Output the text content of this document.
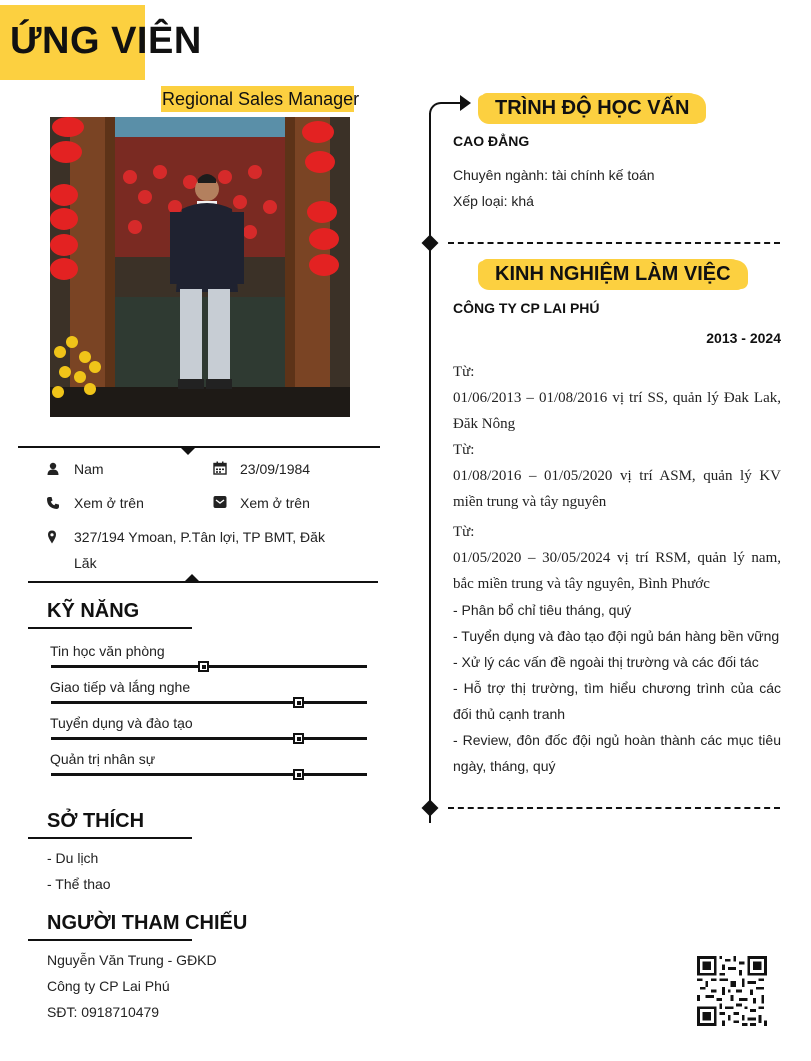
ỨNG VIÊN
Regional Sales Manager
Nam	23/09/1984
Xem ở trên	Xem ở trên
327/194 Ymoan, P.Tân lợi, TP BMT, Đăk
Lăk
KỸ NĂNG
Tin học văn phòng
Giao tiếp và lắng nghe
Tuyển dụng và đào tạo
Quản trị nhân sự
SỞ THÍCH
- Du lịch
- Thể thao
NGƯỜI THAM CHIẾU
Nguyễn Văn Trung - GĐKD
Công ty CP Lai Phú
SĐT: 0918710479
TRÌNH ĐỘ HỌC VẤN
CAO ĐẲNG
Chuyên ngành: tài chính kế toán
Xếp loại: khá
KINH NGHIỆM LÀM VIỆC
CÔNG TY CP LAI PHÚ
2013 - 2024
Từ:
01/06/2013 – 01/08/2016 vị trí SS, quản lý Đak Lak, Đăk Nông
Từ:
01/08/2016 – 01/05/2020 vị trí ASM, quản lý KV miền trung và tây nguyên
Từ:
01/05/2020 – 30/05/2024 vị trí RSM, quản lý nam, bắc miền trung và tây nguyên, Bình Phước
- Phân bổ chỉ tiêu tháng, quý
- Tuyển dụng và đào tạo đội ngủ bán hàng bền vững
- Xử lý các vấn đề ngoài thị trường và các đối tác
- Hỗ trợ thị trường, tìm hiểu chương trình của các đối thủ cạnh tranh
- Review, đôn đốc đội ngủ hoàn thành các mục tiêu ngày, tháng, quý
